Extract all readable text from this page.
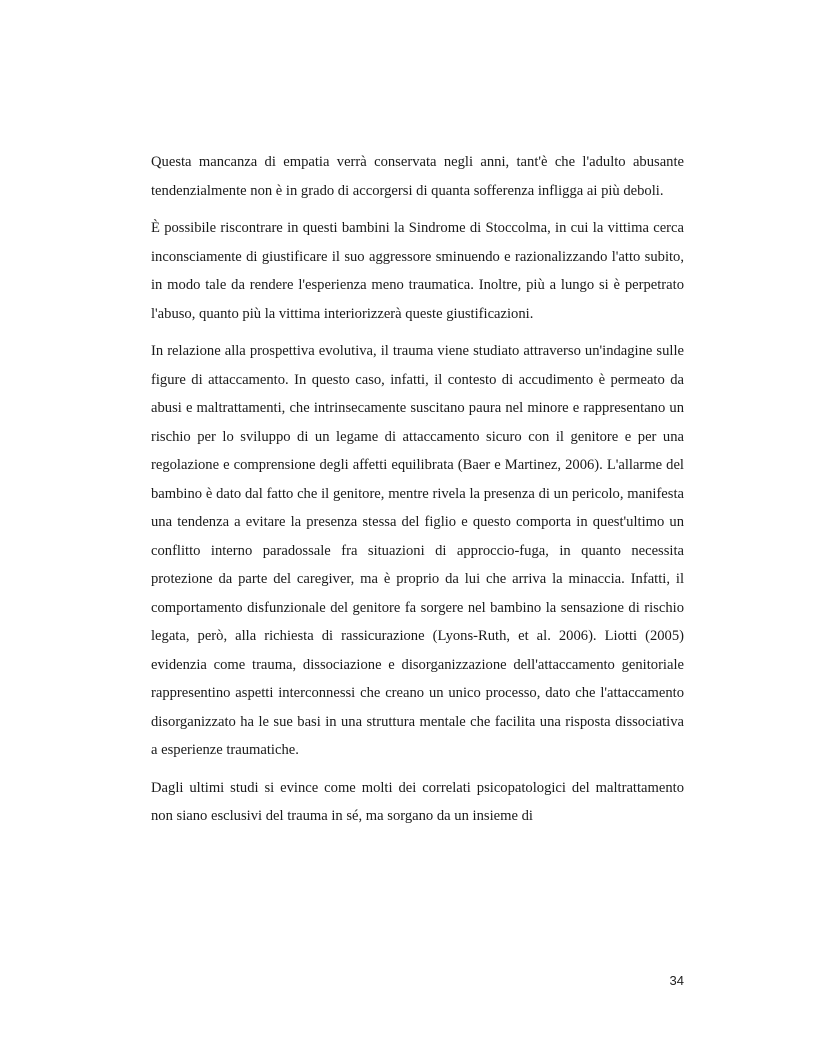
Questa mancanza di empatia verrà conservata negli anni, tant'è che l'adulto abusante tendenzialmente non è in grado di accorgersi di quanta sofferenza infligga ai più deboli.

È possibile riscontrare in questi bambini la Sindrome di Stoccolma, in cui la vittima cerca inconsciamente di giustificare il suo aggressore sminuendo e razionalizzando l'atto subito, in modo tale da rendere l'esperienza meno traumatica. Inoltre, più a lungo si è perpetrato l'abuso, quanto più la vittima interiorizzerà queste giustificazioni.

In relazione alla prospettiva evolutiva, il trauma viene studiato attraverso un'indagine sulle figure di attaccamento. In questo caso, infatti, il contesto di accudimento è permeato da abusi e maltrattamenti, che intrinsecamente suscitano paura nel minore e rappresentano un rischio per lo sviluppo di un legame di attaccamento sicuro con il genitore e per una regolazione e comprensione degli affetti equilibrata (Baer e Martinez, 2006). L'allarme del bambino è dato dal fatto che il genitore, mentre rivela la presenza di un pericolo, manifesta una tendenza a evitare la presenza stessa del figlio e questo comporta in quest'ultimo un conflitto interno paradossale fra situazioni di approccio-fuga, in quanto necessita protezione da parte del caregiver, ma è proprio da lui che arriva la minaccia. Infatti, il comportamento disfunzionale del genitore fa sorgere nel bambino la sensazione di rischio legata, però, alla richiesta di rassicurazione (Lyons-Ruth, et al. 2006). Liotti (2005) evidenzia come trauma, dissociazione e disorganizzazione dell'attaccamento genitoriale rappresentino aspetti interconnessi che creano un unico processo, dato che l'attaccamento disorganizzato ha le sue basi in una struttura mentale che facilita una risposta dissociativa a esperienze traumatiche.

Dagli ultimi studi si evince come molti dei correlati psicopatologici del maltrattamento non siano esclusivi del trauma in sé, ma sorgano da un insieme di

34
